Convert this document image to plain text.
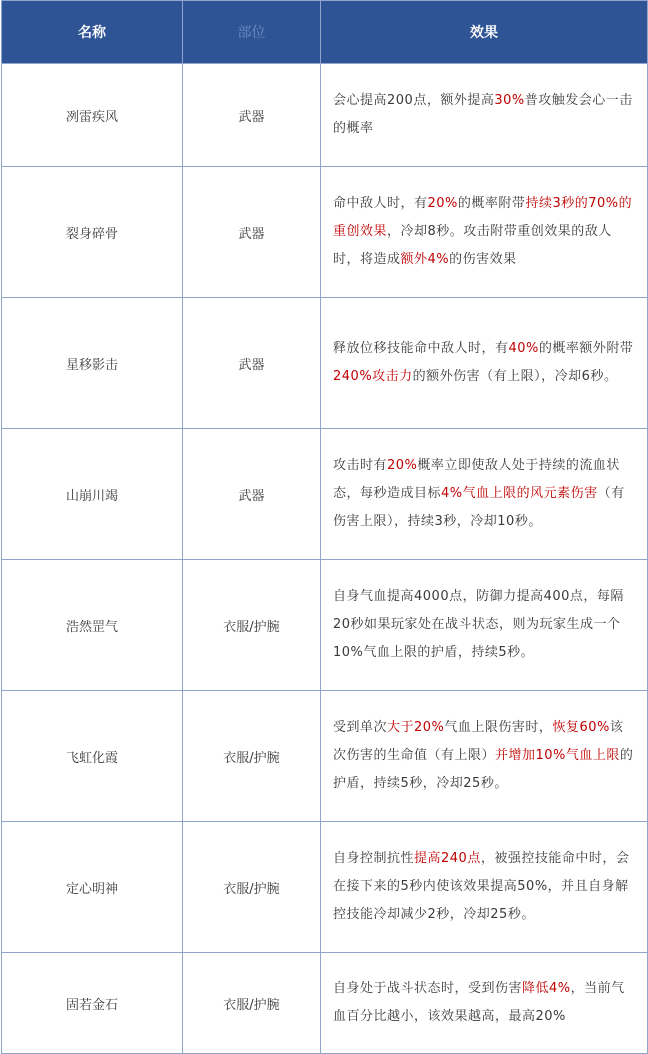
名称	部位	效果
冽雷疾风	武器	会心提高200点，额外提高30%普攻触发会心一击的概率
裂身碎骨	武器	命中敌人时，有20%的概率附带持续3秒的70%的重创效果，冷却8秒。攻击附带重创效果的敌人时，将造成额外4%的伤害效果
星移影击	武器	释放位移技能命中敌人时，有40%的概率额外附带240%攻击力的额外伤害（有上限），冷却6秒。
山崩川竭	武器	攻击时有20%概率立即使敌人处于持续的流血状态，每秒造成目标4%气血上限的风元素伤害（有伤害上限），持续3秒，冷却10秒。
浩然罡气	衣服/护腕	自身气血提高4000点，防御力提高400点，每隔20秒如果玩家处在战斗状态，则为玩家生成一个10%气血上限的护盾，持续5秒。
飞虹化霞	衣服/护腕	受到单次大于20%气血上限伤害时，恢复60%该次伤害的生命值（有上限）并增加10%气血上限的护盾，持续5秒，冷却25秒。
定心明神	衣服/护腕	自身控制抗性提高240点，被强控技能命中时，会在接下来的5秒内使该效果提高50%，并且自身解控技能冷却减少2秒，冷却25秒。
固若金石	衣服/护腕	自身处于战斗状态时，受到伤害降低4%，当前气血百分比越小，该效果越高，最高20%
